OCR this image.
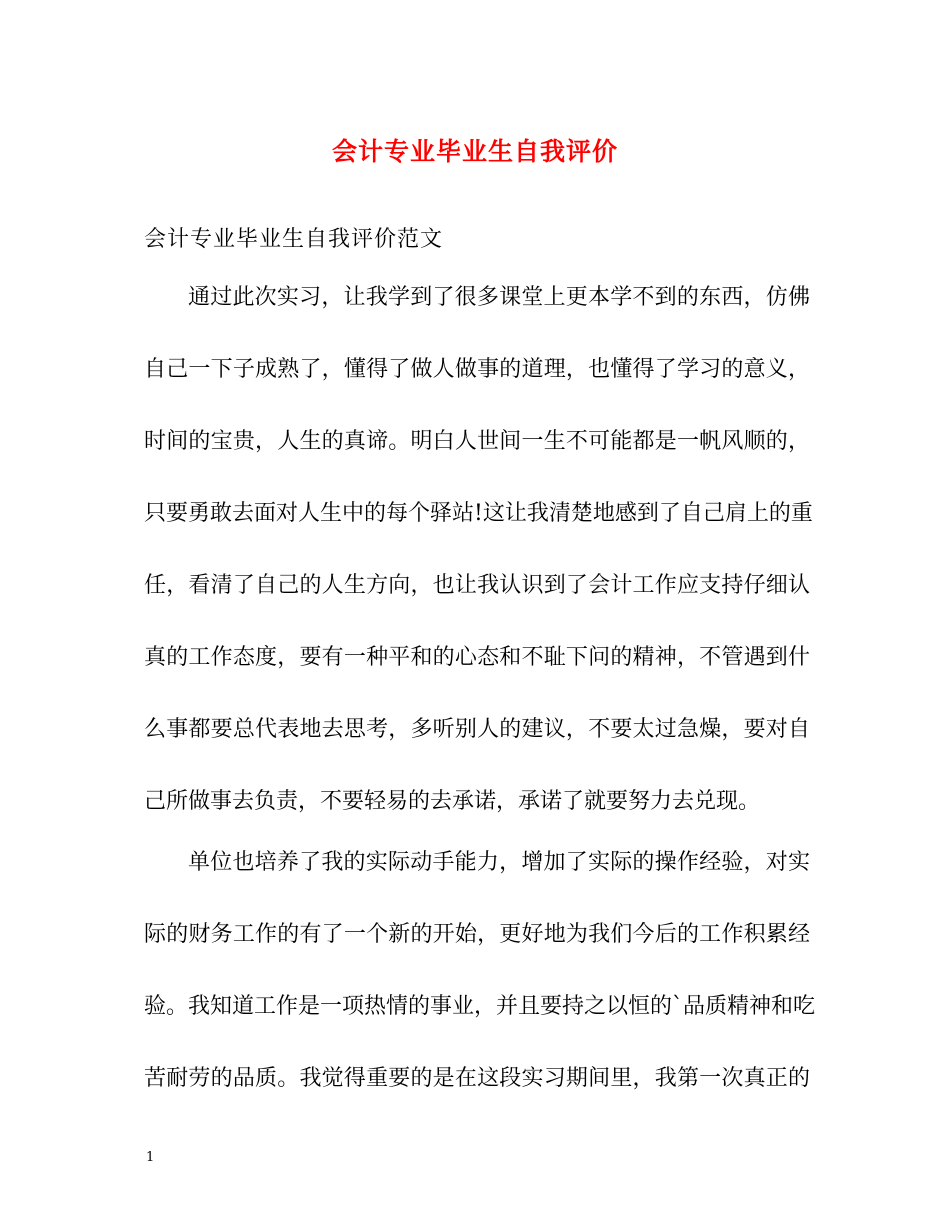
会计专业毕业生自我评价
会计专业毕业生自我评价范文
通过此次实习，让我学到了很多课堂上更本学不到的东西，仿佛
自己一下子成熟了，懂得了做人做事的道理，也懂得了学习的意义，
时间的宝贵，人生的真谛。明白人世间一生不可能都是一帆风顺的，
只要勇敢去面对人生中的每个驿站!这让我清楚地感到了自己肩上的重
任，看清了自己的人生方向，也让我认识到了会计工作应支持仔细认
真的工作态度，要有一种平和的心态和不耻下问的精神，不管遇到什
么事都要总代表地去思考，多听别人的建议，不要太过急燥，要对自
己所做事去负责，不要轻易的去承诺，承诺了就要努力去兑现。
单位也培养了我的实际动手能力，增加了实际的操作经验，对实
际的财务工作的有了一个新的开始，更好地为我们今后的工作积累经
验。我知道工作是一项热情的事业，并且要持之以恒的`品质精神和吃
苦耐劳的品质。我觉得重要的是在这段实习期间里，我第一次真正的
1
